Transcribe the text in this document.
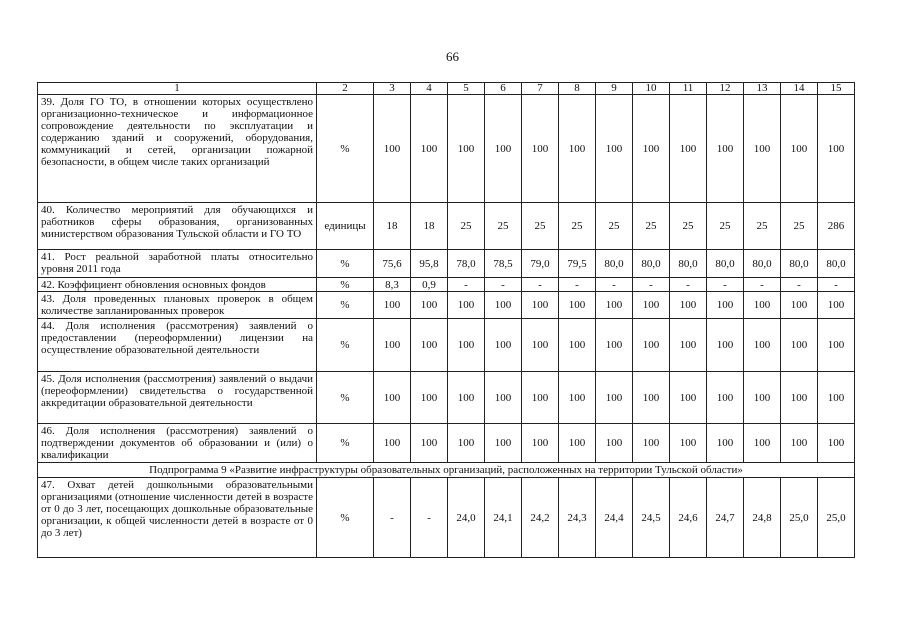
66
1	2	3	4	5	6	7	8	9	10	11	12	13	14	15
39. Доля ГО ТО, в отношении которых осуществлено организационно-техническое и информационное сопровождение деятельности по эксплуатации и содержанию зданий и сооружений, оборудования, коммуникаций и сетей, организации пожарной безопасности, в общем числе таких организаций	%	100	100	100	100	100	100	100	100	100	100	100	100	100
40. Количество мероприятий для обучающихся и работников сферы образования, организованных министерством образования Тульской области и ГО ТО	единицы	18	18	25	25	25	25	25	25	25	25	25	25	286
41. Рост реальной заработной платы относительно уровня 2011 года	%	75,6	95,8	78,0	78,5	79,0	79,5	80,0	80,0	80,0	80,0	80,0	80,0	80,0
42. Коэффициент обновления основных фондов	%	8,3	0,9	-	-	-	-	-	-	-	-	-	-	-
43. Доля проведенных плановых проверок в общем количестве запланированных проверок	%	100	100	100	100	100	100	100	100	100	100	100	100	100
44. Доля исполнения (рассмотрения) заявлений о предоставлении (переоформлении) лицензии на осуществление образовательной деятельности	%	100	100	100	100	100	100	100	100	100	100	100	100	100
45. Доля исполнения (рассмотрения) заявлений о выдачи (переоформлении) свидетельства о государственной аккредитации образовательной деятельности	%	100	100	100	100	100	100	100	100	100	100	100	100	100
46. Доля исполнения (рассмотрения) заявлений о подтверждении документов об образовании и (или) о квалификации	%	100	100	100	100	100	100	100	100	100	100	100	100	100
Подпрограмма 9 «Развитие инфраструктуры образовательных организаций, расположенных на территории Тульской области»														
47. Охват детей дошкольными образовательными организациями (отношение численности детей в возрасте от 0 до 3 лет, посещающих дошкольные образовательные организации, к общей численности детей в возрасте от 0 до 3 лет)	%	-	-	24,0	24,1	24,2	24,3	24,4	24,5	24,6	24,7	24,8	25,0	25,0
